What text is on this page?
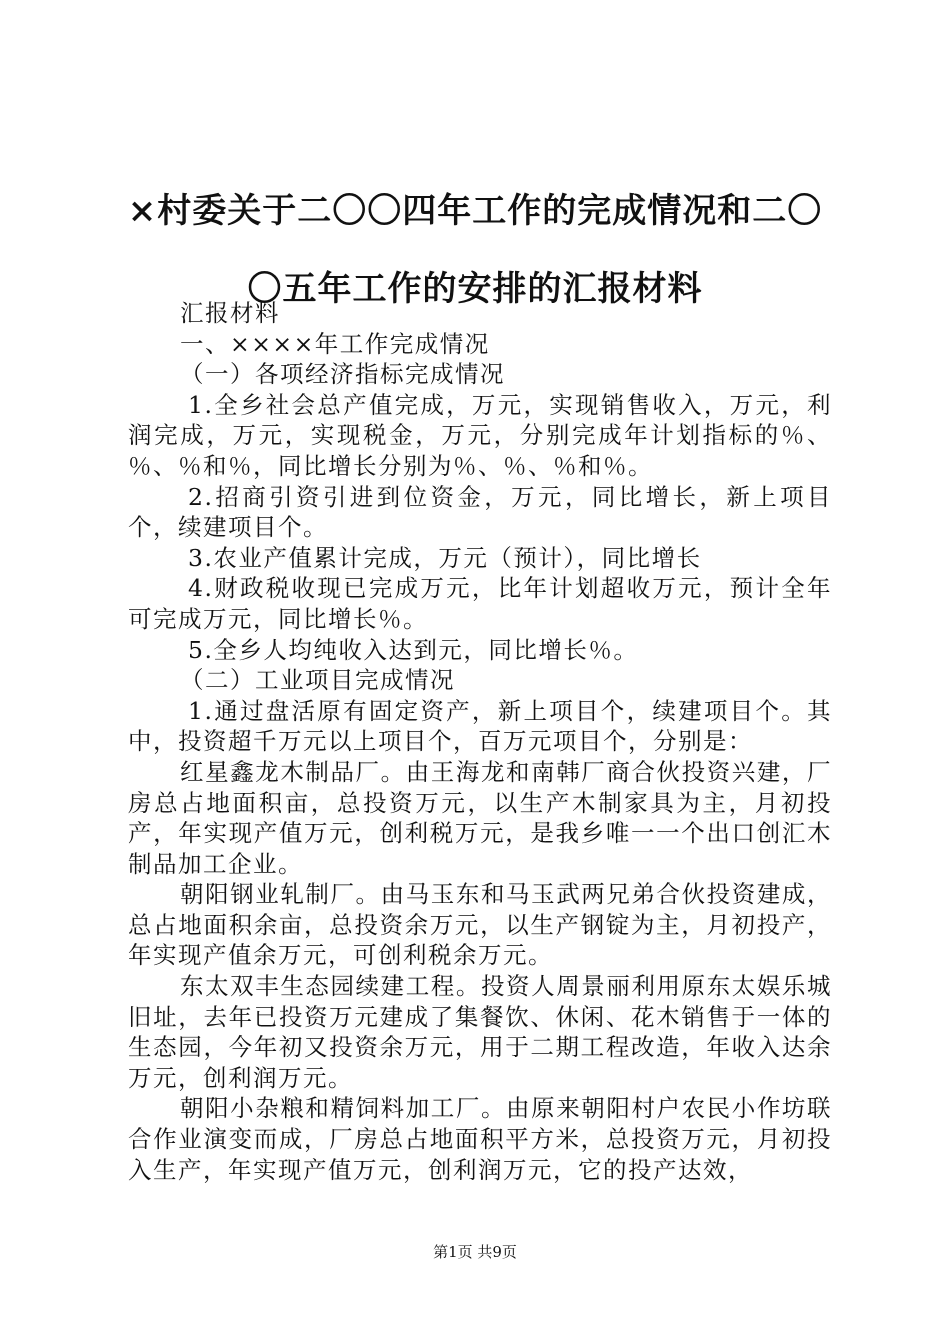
×村委关于二〇〇四年工作的完成情况和二〇
〇五年工作的安排的汇报材料

汇报材料

一、××××年工作完成情况

（一）各项经济指标完成情况

1.全乡社会总产值完成，万元，实现销售收入，万元，利润完成，万元，实现税金，万元，分别完成年计划指标的％、％、％和％，同比增长分别为％、％、％和％。

2.招商引资引进到位资金，万元，同比增长，新上项目个，续建项目个。

3.农业产值累计完成，万元（预计），同比增长

4.财政税收现已完成万元，比年计划超收万元，预计全年可完成万元，同比增长％。

5.全乡人均纯收入达到元，同比增长％。

（二）工业项目完成情况

1.通过盘活原有固定资产，新上项目个，续建项目个。其中，投资超千万元以上项目个，百万元项目个，分别是：

红星鑫龙木制品厂。由王海龙和南韩厂商合伙投资兴建，厂房总占地面积亩，总投资万元，以生产木制家具为主，月初投产，年实现产值万元，创利税万元，是我乡唯一一个出口创汇木制品加工企业。

朝阳钢业轧制厂。由马玉东和马玉武两兄弟合伙投资建成，总占地面积余亩，总投资余万元，以生产钢锭为主，月初投产，年实现产值余万元，可创利税余万元。

东太双丰生态园续建工程。投资人周景丽利用原东太娱乐城旧址，去年已投资万元建成了集餐饮、休闲、花木销售于一体的生态园，今年初又投资余万元，用于二期工程改造，年收入达余万元，创利润万元。

朝阳小杂粮和精饲料加工厂。由原来朝阳村户农民小作坊联合作业演变而成，厂房总占地面积平方米，总投资万元，月初投入生产，年实现产值万元，创利润万元，它的投产达效，

第1页 共9页
